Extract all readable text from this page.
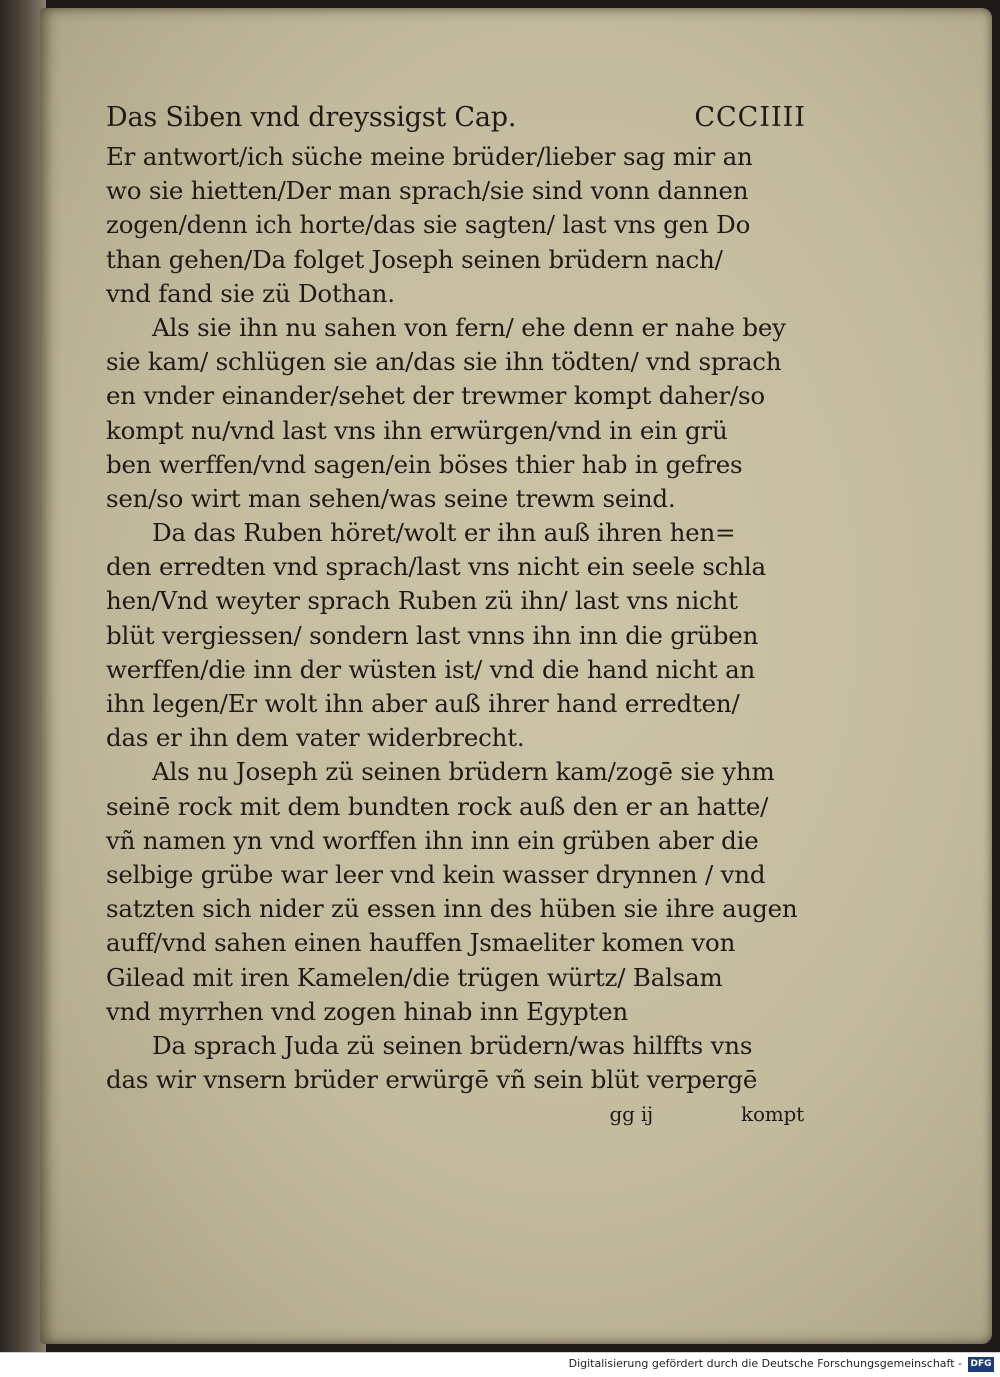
Das Siben vnd dreyssigst Cap.	CCCIIII
Er antwort/ich süche meine brüder/lieber sag mir an
wo sie hietten/Der man sprach/sie sind vonn dannen
zogen/denn ich horte/das sie sagten/ last vns gen Do
than gehen/Da folget Joseph seinen brüdern nach/
vnd fand sie zü Dothan.
Als sie ihn nu sahen von fern/ ehe denn er nahe bey
sie kam/ schlügen sie an/das sie ihn tödten/ vnd sprach
en vnder einander/sehet der trewmer kompt daher/so
kompt nu/vnd last vns ihn erwürgen/vnd in ein grü
ben werffen/vnd sagen/ein böses thier hab in gefres
sen/so wirt man sehen/was seine trewm seind.
Da das Ruben höret/wolt er ihn auß ihren hen=
den erredten vnd sprach/last vns nicht ein seele schla
hen/Vnd weyter sprach Ruben zü ihn/ last vns nicht
blüt vergiessen/ sondern last vnns ihn inn die grüben
werffen/die inn der wüsten ist/ vnd die hand nicht an
ihn legen/Er wolt ihn aber auß ihrer hand erredten/
das er ihn dem vater widerbrecht.
Als nu Joseph zü seinen brüdern kam/zogē sie yhm
seinē rock mit dem bundten rock auß den er an hatte/
vñ namen yn vnd worffen ihn inn ein grüben aber die
selbige grübe war leer vnd kein wasser drynnen / vnd
satzten sich nider zü essen inn des hüben sie ihre augen
auff/vnd sahen einen hauffen Jsmaeliter komen von
Gilead mit iren Kamelen/die trügen würtz/ Balsam
vnd myrrhen vnd zogen hinab inn Egypten
Da sprach Juda zü seinen brüdern/was hilffts vns
das wir vnsern brüder erwürgē vñ sein blüt verpergē
gg ij	kompt
Digitalisierung gefördert durch die Deutsche Forschungsgemeinschaft - DFG
